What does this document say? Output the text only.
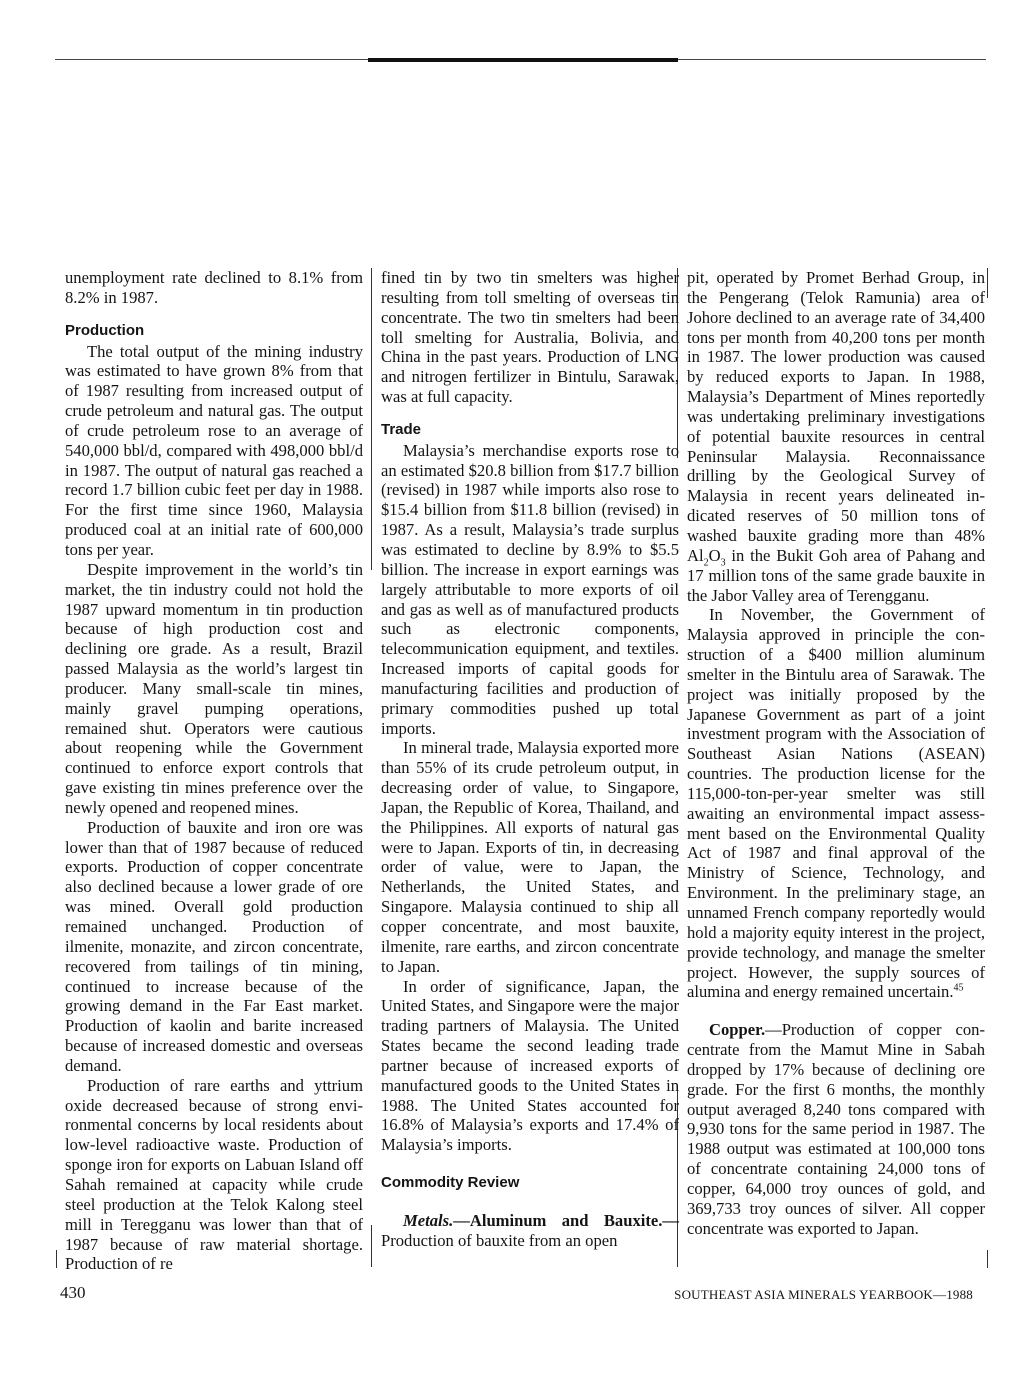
unemployment rate declined to 8.1% from 8.2% in 1987.

Production

The total output of the mining industry was estimated to have grown 8% from that of 1987 resulting from increased output of crude petroleum and natural gas. The output of crude petroleum rose to an average of 540,000 bbl/d, compared with 498,000 bbl/d in 1987. The output of natural gas reached a record 1.7 billion cubic feet per day in 1988. For the first time since 1960, Malaysia produced coal at an initial rate of 600,000 tons per year.

Despite improvement in the world’s tin market, the tin industry could not hold the 1987 upward momentum in tin production because of high production cost and declining ore grade. As a result, Brazil passed Malaysia as the world’s largest tin producer. Many small-scale tin mines, mainly gravel pumping operations, remained shut. Operators were cautious about reopening while the Government continued to enforce export controls that gave existing tin mines preference over the newly opened and reopened mines.

Production of bauxite and iron ore was lower than that of 1987 because of reduced exports. Production of copper concentrate also declined because a lower grade of ore was mined. Overall gold production remained unchanged. Production of ilmenite, monazite, and zircon concentrate, recovered from tailings of tin mining, continued to increase because of the growing demand in the Far East market. Production of kaolin and barite increased because of increased domestic and overseas demand.

Production of rare earths and yttrium oxide decreased because of strong environmental concerns by local residents about low-level radioactive waste. Production of sponge iron for exports on Labuan Island off Sahah remained at capacity while crude steel production at the Telok Kalong steel mill in Teregganu was lower than that of 1987 because of raw material shortage. Production of re

fined tin by two tin smelters was higher resulting from toll smelting of overseas tin concentrate. The two tin smelters had been toll smelting for Australia, Bolivia, and China in the past years. Production of LNG and nitrogen fertilizer in Bintulu, Sarawak, was at full capacity.

Trade

Malaysia’s merchandise exports rose to an estimated $20.8 billion from $17.7 billion (revised) in 1987 while imports also rose to $15.4 billion from $11.8 billion (revised) in 1987. As a result, Malaysia’s trade surplus was estimated to decline by 8.9% to $5.5 billion. The increase in export earnings was largely attributable to more exports of oil and gas as well as of manufactured products such as electronic components, telecommunication equipment, and textiles. Increased imports of capital goods for manufacturing facilities and production of primary commodities pushed up total imports.

In mineral trade, Malaysia exported more than 55% of its crude petroleum output, in decreasing order of value, to Singapore, Japan, the Republic of Korea, Thailand, and the Philippines. All exports of natural gas were to Japan. Exports of tin, in decreasing order of value, were to Japan, the Netherlands, the United States, and Singapore. Malaysia continued to ship all copper concentrate, and most bauxite, ilmenite, rare earths, and zircon concentrate to Japan.

In order of significance, Japan, the United States, and Singapore were the major trading partners of Malaysia. The United States became the second leading trade partner because of increased exports of manufactured goods to the United States in 1988. The United States accounted for 16.8% of Malaysia’s exports and 17.4% of Malaysia’s imports.

Commodity Review

Metals.—Aluminum and Bauxite.— Production of bauxite from an open

pit, operated by Promet Berhad Group, in the Pengerang (Telok Ramunia) area of Johore declined to an average rate of 34,400 tons per month from 40,200 tons per month in 1987. The lower production was caused by reduced exports to Japan. In 1988, Malaysia’s Department of Mines reportedly was undertaking preliminary investigations of potential bauxite resources in central Peninsular Malaysia. Reconnaissance drilling by the Geological Survey of Malaysia in recent years delineated indicated reserves of 50 million tons of washed bauxite grading more than 48% $Al_2O_3$ in the Bukit Goh area of Pahang and 17 million tons of the same grade bauxite in the Jabor Valley area of Terengganu.

In November, the Government of Malaysia approved in principle the construction of a $400 million aluminum smelter in the Bintulu area of Sarawak. The project was initially proposed by the Japanese Government as part of a joint investment program with the Association of Southeast Asian Nations (ASEAN) countries. The production license for the 115,000-ton-per-year smelter was still awaiting an environmental impact assessment based on the Environmental Quality Act of 1987 and final approval of the Ministry of Science, Technology, and Environment. In the preliminary stage, an unnamed French company reportedly would hold a majority equity interest in the project, provide technology, and manage the smelter project. However, the supply sources of alumina and energy remained uncertain.$^{45}$

Copper.—Production of copper concentrate from the Mamut Mine in Sabah dropped by 17% because of declining ore grade. For the first 6 months, the monthly output averaged 8,240 tons compared with 9,930 tons for the same period in 1987. The 1988 output was estimated at 100,000 tons of concentrate containing 24,000 tons of copper, 64,000 troy ounces of gold, and 369,733 troy ounces of silver. All copper concentrate was exported to Japan.

430	SOUTHEAST ASIA MINERALS YEARBOOK—1988
